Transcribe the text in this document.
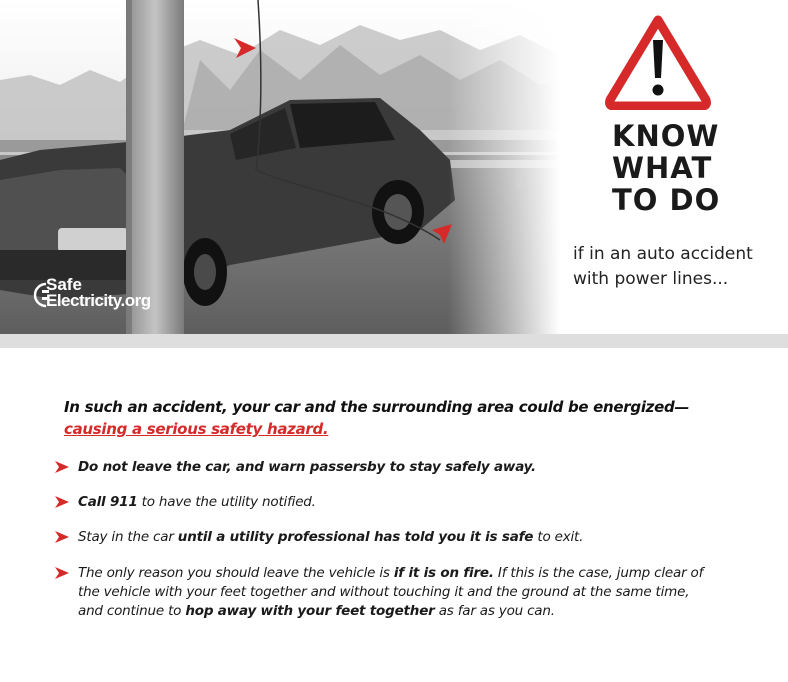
Safe
Electricity.org
KNOW
WHAT
TO DO
if in an auto accident
with power lines...
In such an accident, your car and the surrounding area could be energized—
causing a serious safety hazard.
Do not leave the car, and warn passersby to stay safely away.
Call 911 to have the utility notified.
Stay in the car until a utility professional has told you it is safe to exit.
The only reason you should leave the vehicle is if it is on fire. If this is the case, jump clear of the vehicle with your feet together and without touching it and the ground at the same time, and continue to hop away with your feet together as far as you can.
